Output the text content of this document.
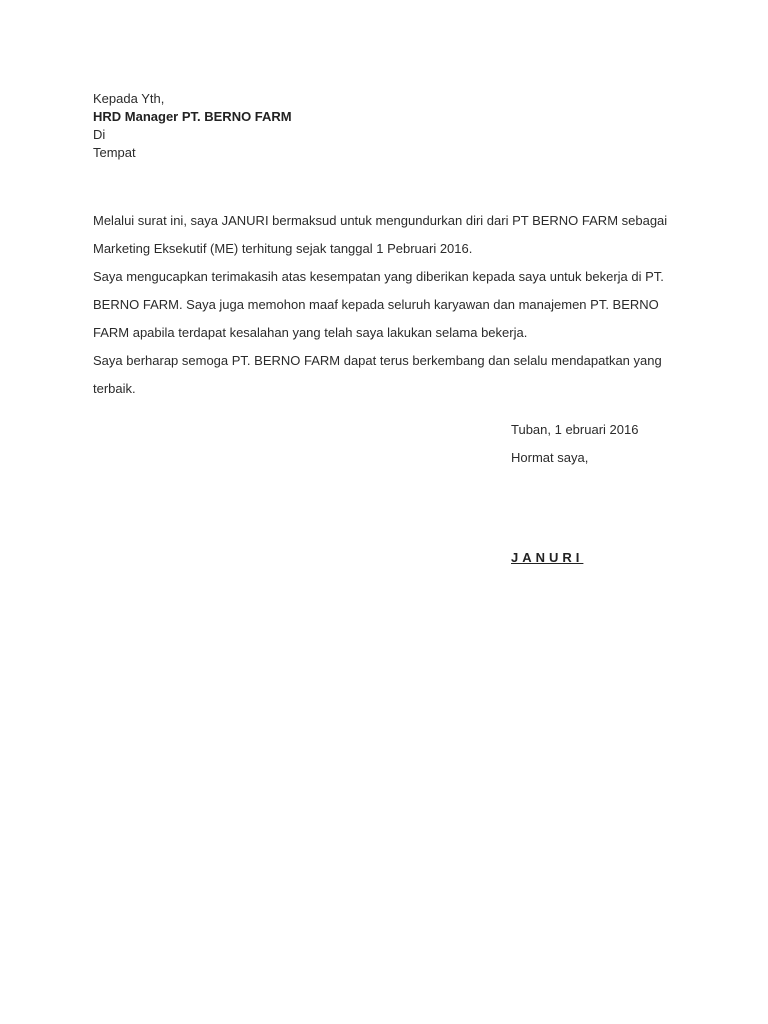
Kepada Yth,
HRD Manager PT. BERNO FARM
Di
Tempat

Melalui surat ini, saya JANURI bermaksud untuk mengundurkan diri dari PT BERNO FARM sebagai Marketing Eksekutif (ME) terhitung sejak tanggal 1 Pebruari 2016.

Saya mengucapkan terimakasih atas kesempatan yang diberikan kepada saya untuk bekerja di PT. BERNO FARM. Saya juga memohon maaf kepada seluruh karyawan dan manajemen PT. BERNO FARM apabila terdapat kesalahan yang telah saya lakukan selama bekerja.

Saya berharap semoga PT. BERNO FARM dapat terus berkembang dan selalu mendapatkan yang terbaik.

Tuban, 1 ebruari 2016
Hormat saya,
JANURI
